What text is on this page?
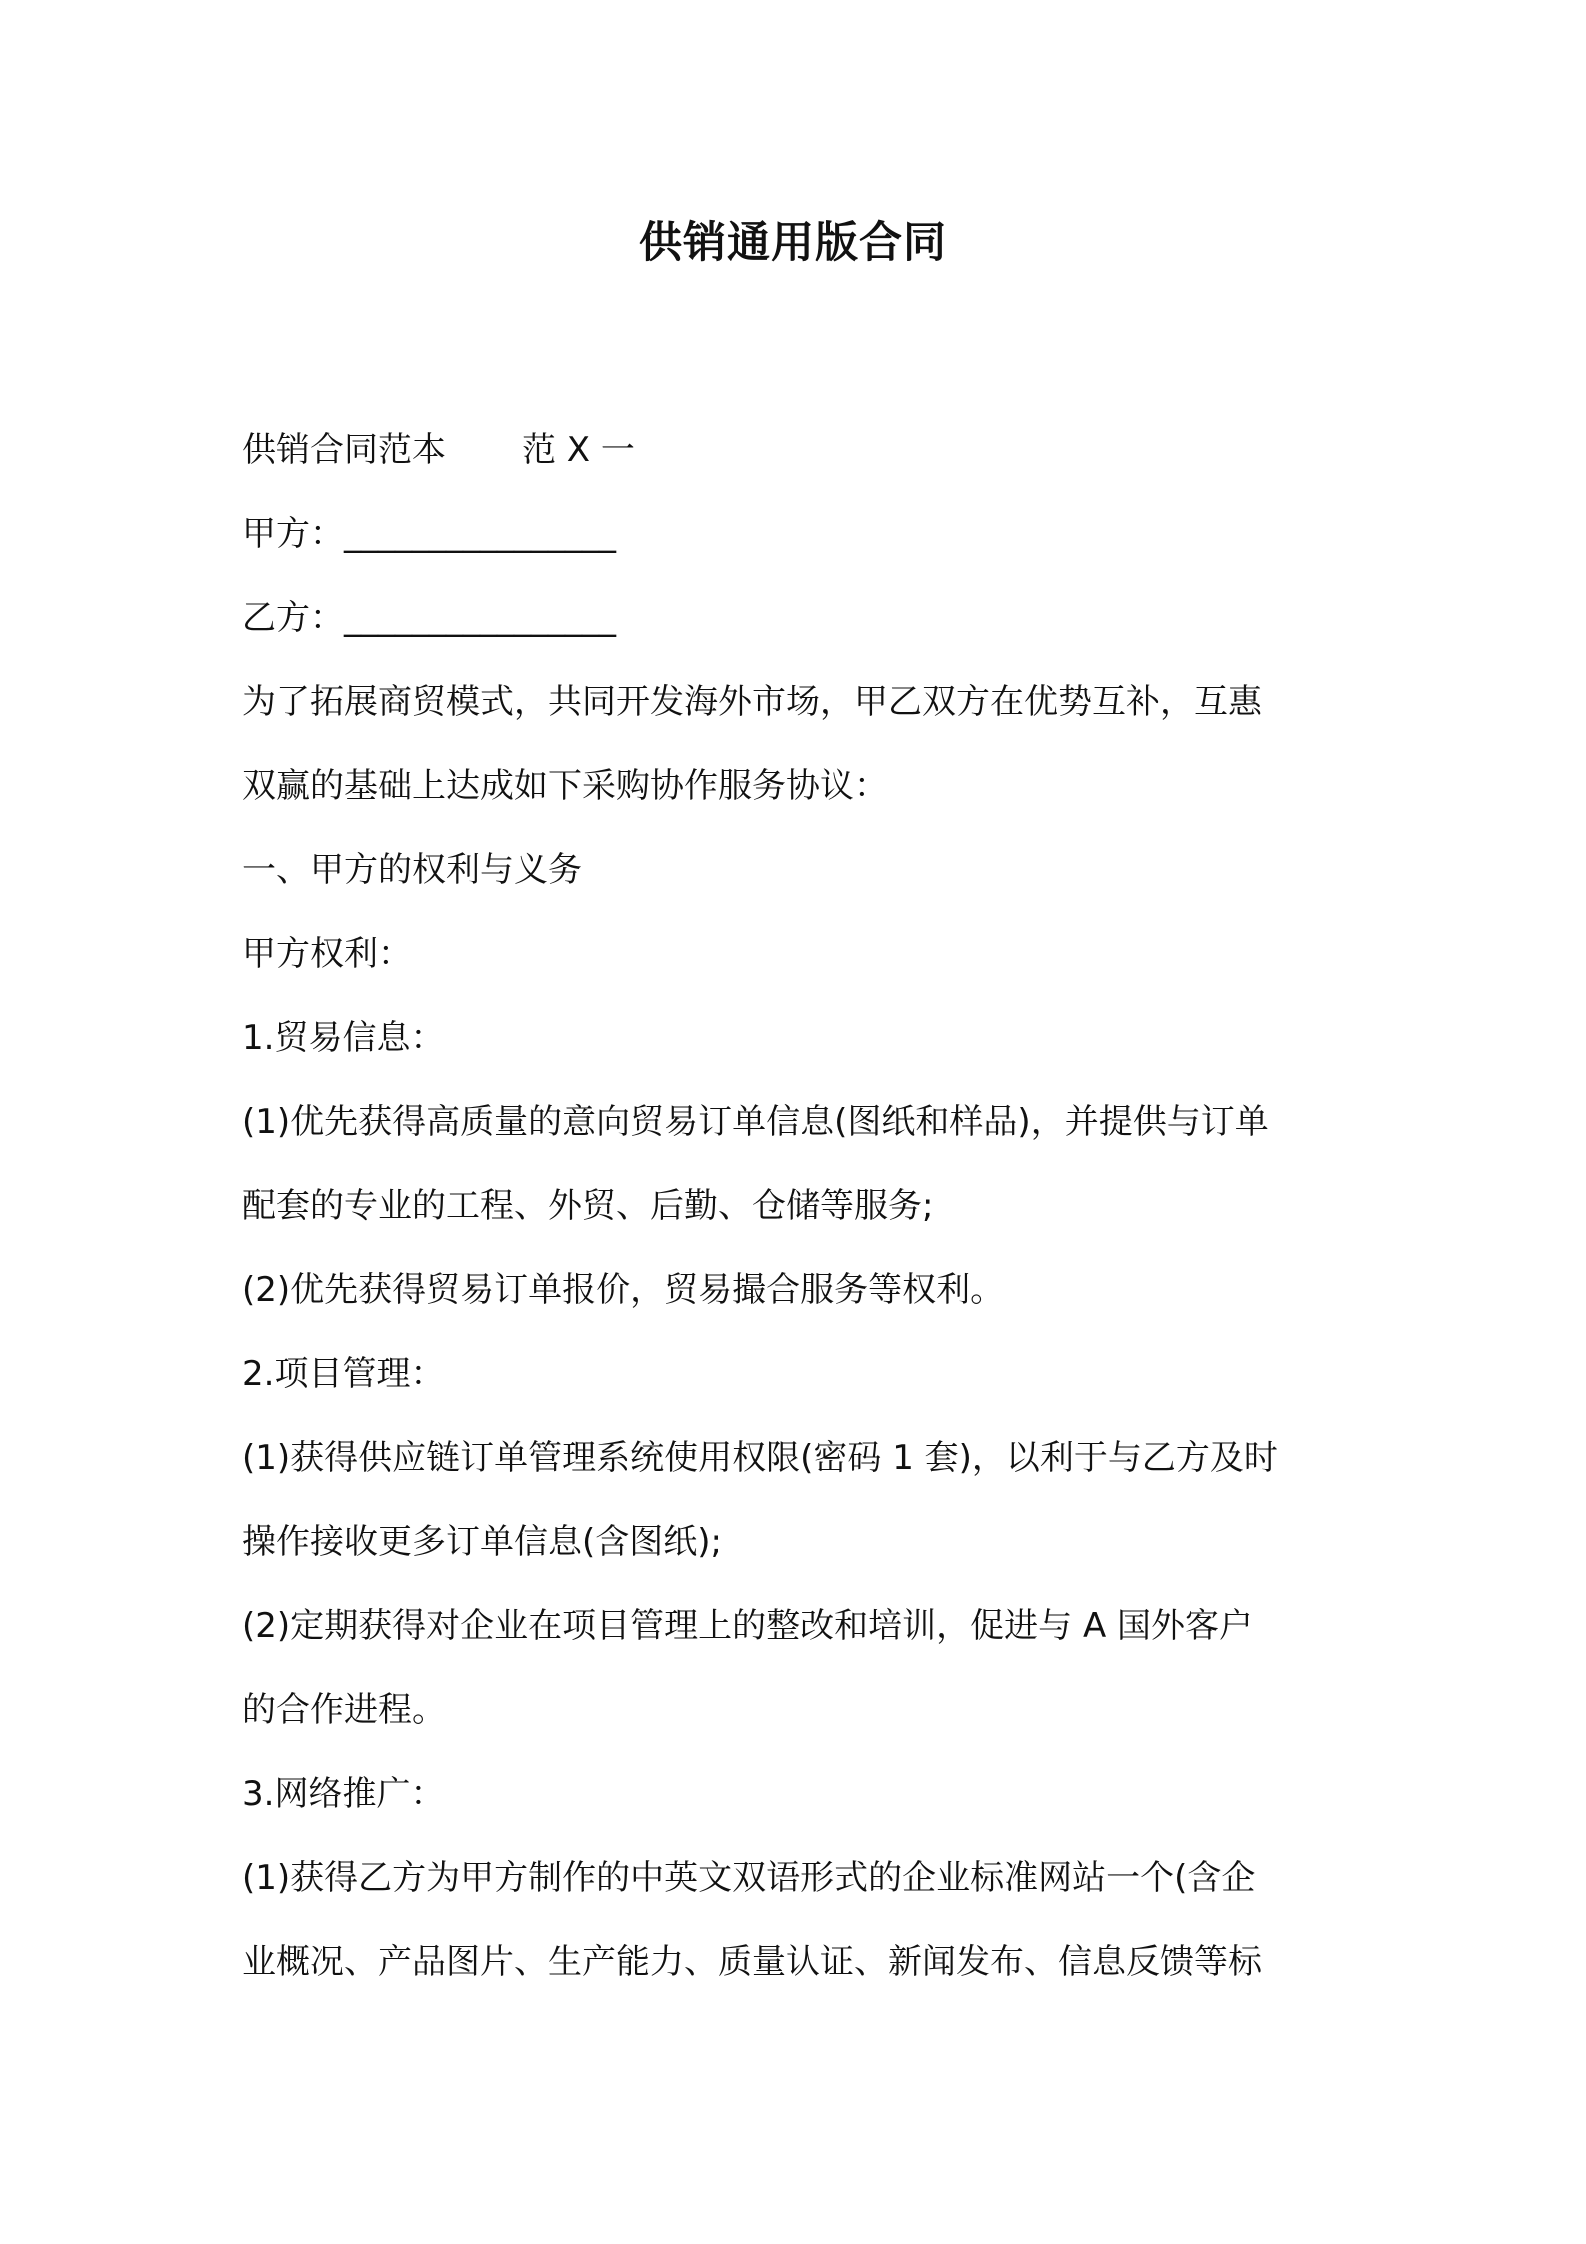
供销通用版合同
供销合同范本 范 X 一
甲方：________________
乙方：________________
为了拓展商贸模式，共同开发海外市场，甲乙双方在优势互补，互惠
双赢的基础上达成如下采购协作服务协议：
一、甲方的权利与义务
甲方权利：
1.贸易信息：
(1)优先获得高质量的意向贸易订单信息(图纸和样品)，并提供与订单
配套的专业的工程、外贸、后勤、仓储等服务;
(2)优先获得贸易订单报价，贸易撮合服务等权利。
2.项目管理：
(1)获得供应链订单管理系统使用权限(密码 1 套)，以利于与乙方及时
操作接收更多订单信息(含图纸);
(2)定期获得对企业在项目管理上的整改和培训，促进与 A 国外客户
的合作进程。
3.网络推广：
(1)获得乙方为甲方制作的中英文双语形式的企业标准网站一个(含企
业概况、产品图片、生产能力、质量认证、新闻发布、信息反馈等标
